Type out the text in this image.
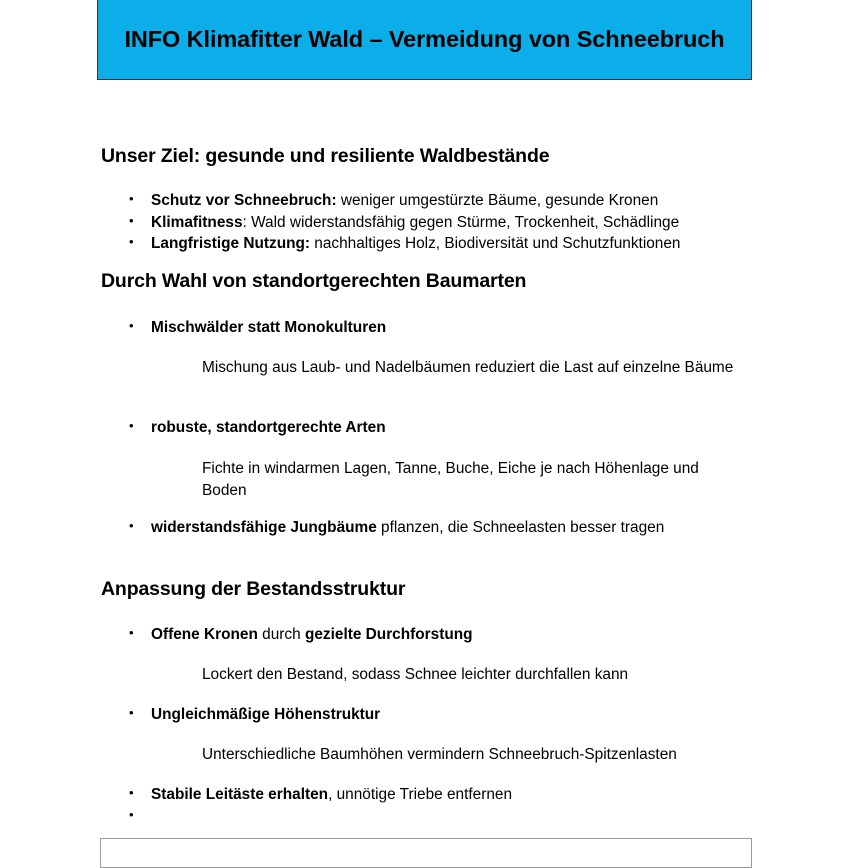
INFO Klimafitter Wald – Vermeidung von Schneebruch
Unser Ziel: gesunde und resiliente Waldbestände
• Schutz vor Schneebruch: weniger umgestürzte Bäume, gesunde Kronen
• Klimafitness: Wald widerstandsfähig gegen Stürme, Trockenheit, Schädlinge
• Langfristige Nutzung: nachhaltiges Holz, Biodiversität und Schutzfunktionen
Durch Wahl von standortgerechten Baumarten
• Mischwälder statt Monokulturen
Mischung aus Laub- und Nadelbäumen reduziert die Last auf einzelne Bäume
• robuste, standortgerechte Arten
Fichte in windarmen Lagen, Tanne, Buche, Eiche je nach Höhenlage und Boden
• widerstandsfähige Jungbäume pflanzen, die Schneelasten besser tragen
Anpassung der Bestandsstruktur
• Offene Kronen durch gezielte Durchforstung
Lockert den Bestand, sodass Schnee leichter durchfallen kann
• Ungleichmäßige Höhenstruktur
Unterschiedliche Baumhöhen vermindern Schneebruch-Spitzenlasten
• Stabile Leitäste erhalten, unnötige Triebe entfernen
